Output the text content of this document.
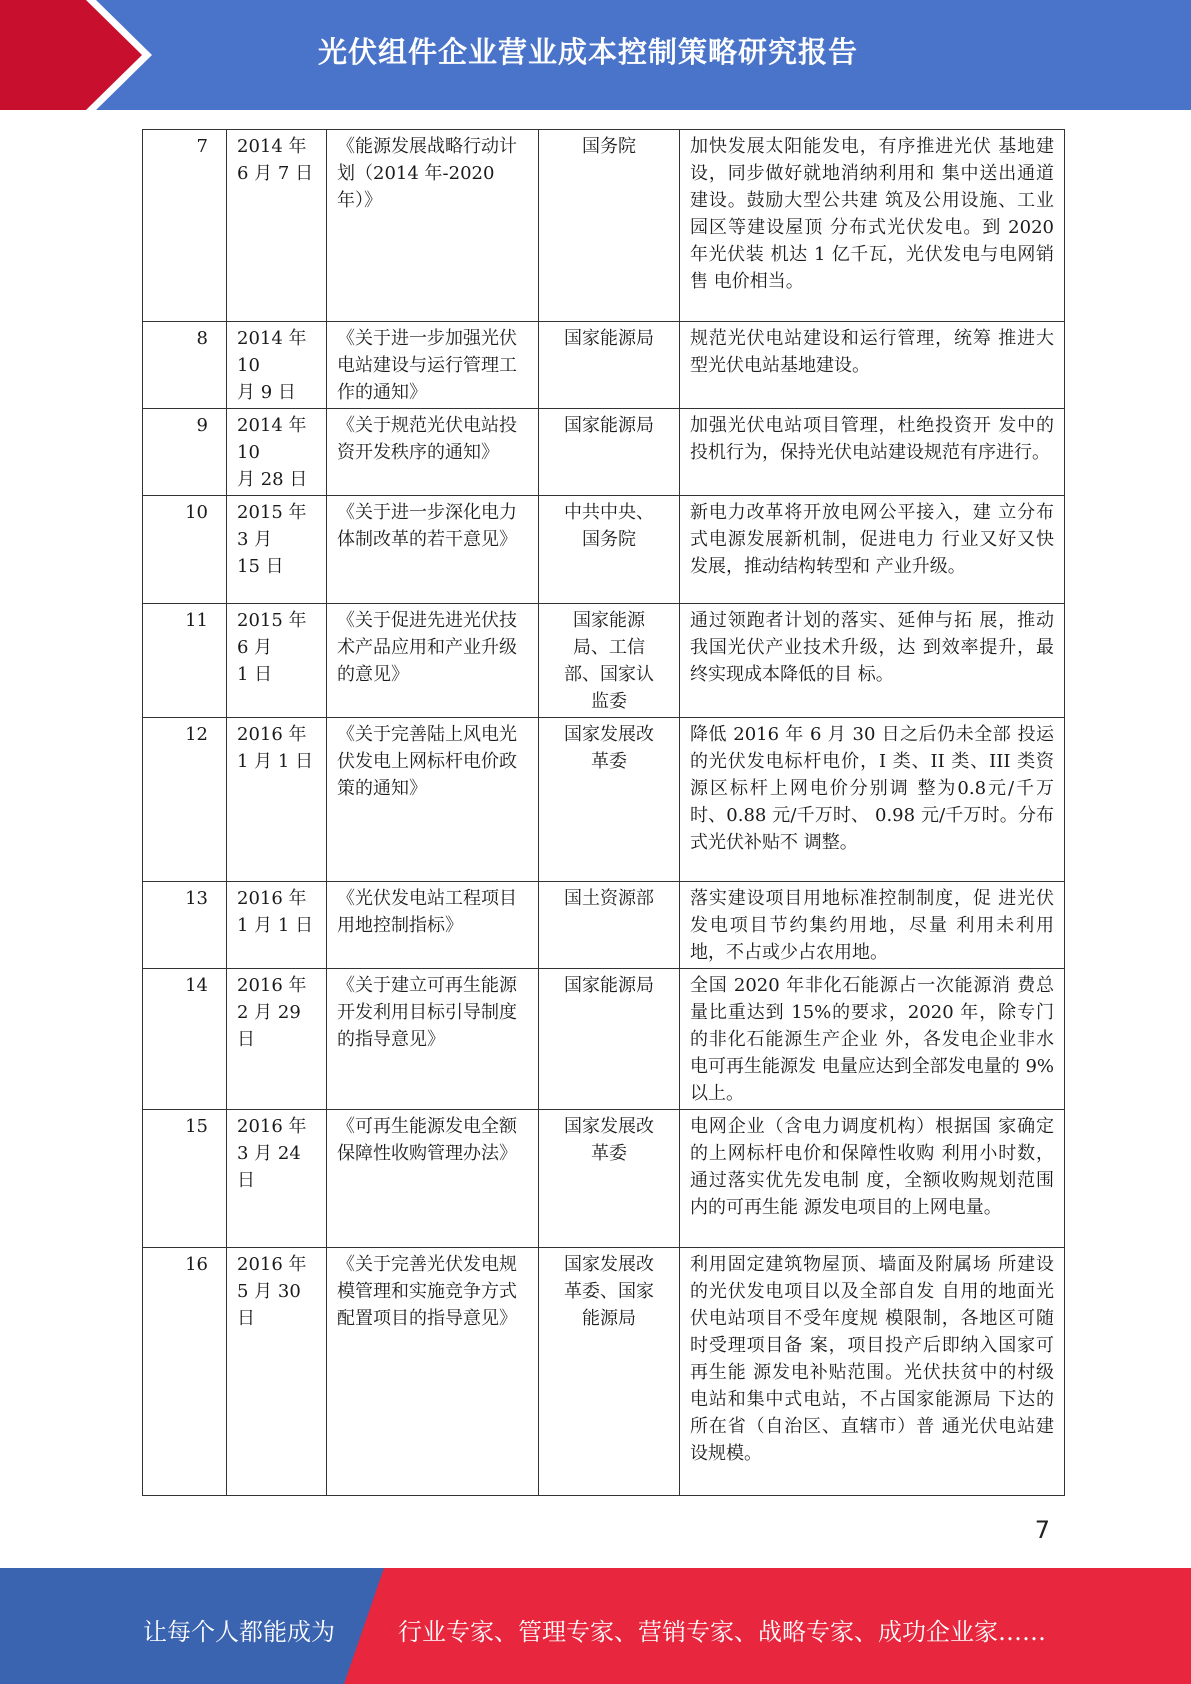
光伏组件企业营业成本控制策略研究报告
7	2014 年
6 月 7 日	《能源发展战略行动计 划（2014 年-2020 年）》	国务院	加快发展太阳能发电，有序推进光伏 基地建设，同步做好就地消纳利用和 集中送出通道建设。鼓励大型公共建 筑及公用设施、工业园区等建设屋顶 分布式光伏发电。到 2020 年光伏装 机达 1 亿千瓦，光伏发电与电网销售 电价相当。
8	2014 年
10
月 9 日	《关于进一步加强光伏 电站建设与运行管理工 作的通知》	国家能源局	规范光伏电站建设和运行管理，统筹 推进大型光伏电站基地建设。
9	2014 年
10
月 28 日	《关于规范光伏电站投 资开发秩序的通知》	国家能源局	加强光伏电站项目管理，杜绝投资开 发中的投机行为，保持光伏电站建设规范有序进行。
10	2015 年
3 月
15 日	《关于进一步深化电力 体制改革的若干意见》	中共中央、
国务院	新电力改革将开放电网公平接入，建 立分布式电源发展新机制，促进电力 行业又好又快发展，推动结构转型和 产业升级。
11	2015 年
6 月
1 日	《关于促进先进光伏技 术产品应用和产业升级 的意见》	国家能源
局、工信
部、国家认
监委	通过领跑者计划的落实、延伸与拓 展，推动我国光伏产业技术升级，达 到效率提升，最终实现成本降低的目 标。
12	2016 年
1 月 1 日	《关于完善陆上风电光 伏发电上网标杆电价政 策的通知》	国家发展改
革委	降低 2016 年 6 月 30 日之后仍未全部 投运的光伏发电标杆电价，I 类、II 类、III 类资源区标杆上网电价分别调 整为0.8元/千万时、0.88 元/千万时、 0.98 元/千万时。分布式光伏补贴不 调整。
13	2016 年
1 月 1 日	《光伏发电站工程项目 用地控制指标》	国土资源部	落实建设项目用地标准控制制度，促 进光伏发电项目节约集约用地，尽量 利用未利用地，不占或少占农用地。
14	2016 年
2 月 29
日	《关于建立可再生能源 开发利用目标引导制度 的指导意见》	国家能源局	全国 2020 年非化石能源占一次能源消 费总量比重达到 15%的要求，2020 年，除专门的非化石能源生产企业 外，各发电企业非水电可再生能源发 电量应达到全部发电量的 9%以上。
15	2016 年
3 月 24
日	《可再生能源发电全额 保障性收购管理办法》	国家发展改
革委	电网企业（含电力调度机构）根据国 家确定的上网标杆电价和保障性收购 利用小时数，通过落实优先发电制 度，全额收购规划范围内的可再生能 源发电项目的上网电量。
16	2016 年
5 月 30
日	《关于完善光伏发电规 模管理和实施竞争方式 配置项目的指导意见》	国家发展改
革委、国家
能源局	利用固定建筑物屋顶、墙面及附属场 所建设的光伏发电项目以及全部自发 自用的地面光伏电站项目不受年度规 模限制，各地区可随时受理项目备 案，项目投产后即纳入国家可再生能 源发电补贴范围。光伏扶贫中的村级 电站和集中式电站，不占国家能源局 下达的所在省（自治区、直辖市）普 通光伏电站建设规模。
7
让每个人都能成为	行业专家、管理专家、营销专家、战略专家、成功企业家……
